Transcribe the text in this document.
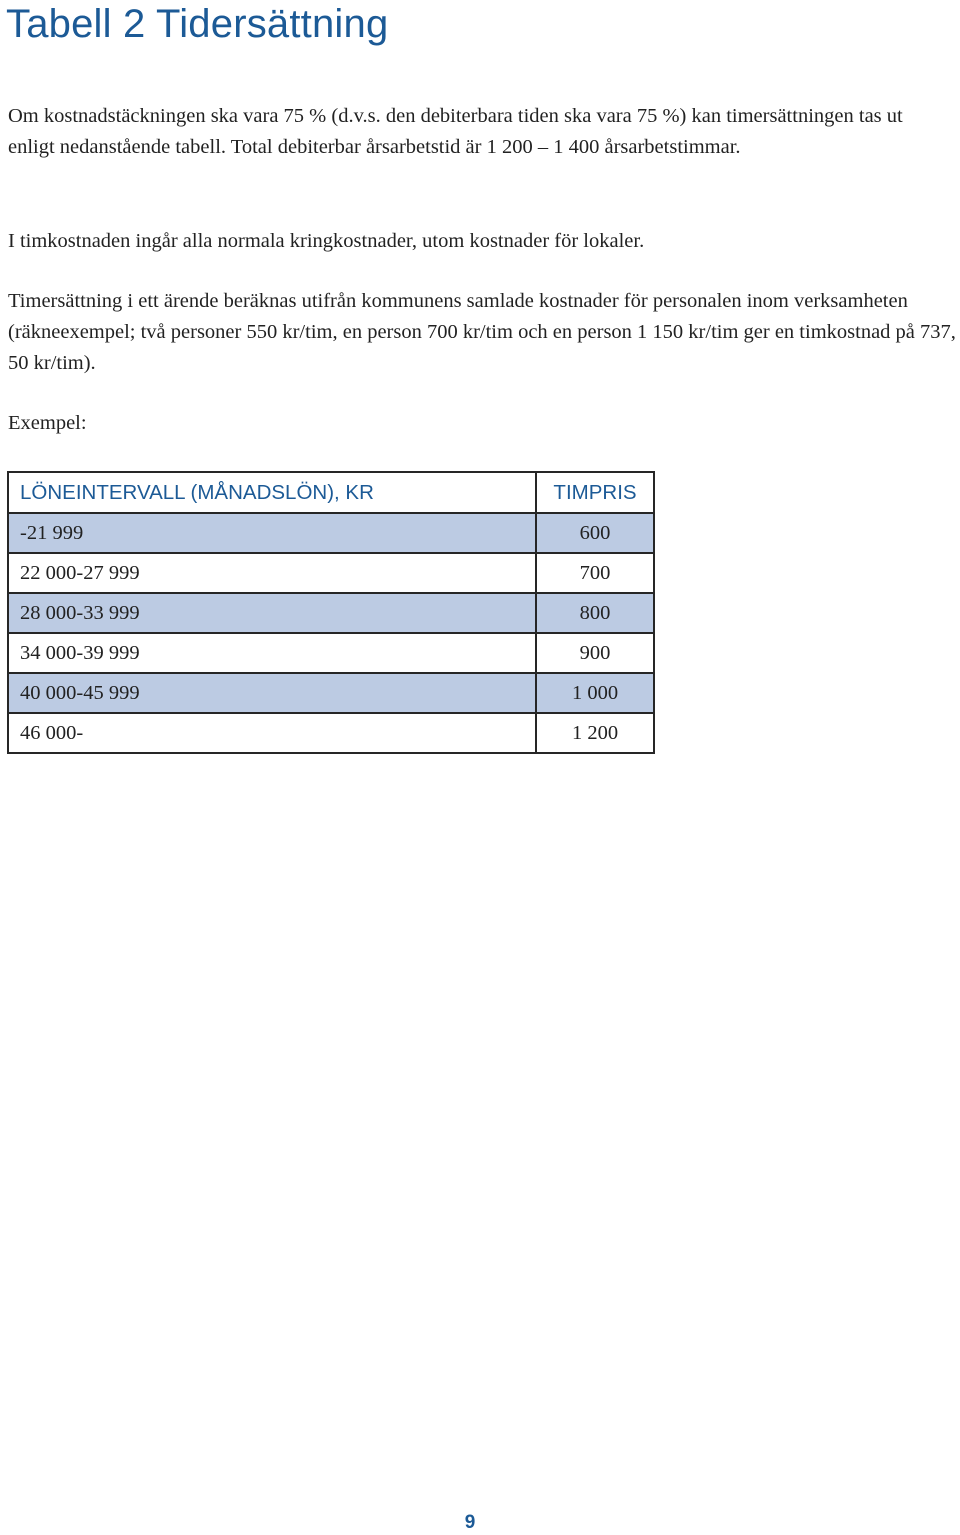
Tabell 2 Tidersättning

Om kostnadstäckningen ska vara 75 % (d.v.s. den debiterbara tiden ska vara 75 %) kan timersättningen tas ut enligt nedanstående tabell. Total debiterbar årsarbetstid är 1 200 – 1 400 årsarbetstimmar.

I timkostnaden ingår alla normala kringkostnader, utom kostnader för lokaler.

Timersättning i ett ärende beräknas utifrån kommunens samlade kostnader för personalen inom verksamheten (räkneexempel; två personer 550 kr/tim, en person 700 kr/tim och en person 1 150 kr/tim ger en timkostnad på 737, 50 kr/tim).

Exempel:

LÖNEINTERVALL (MÅNADSLÖN), KR	TIMPRIS
-21 999	600
22 000-27 999	700
28 000-33 999	800
34 000-39 999	900
40 000-45 999	1 000
46 000-	1 200
9
